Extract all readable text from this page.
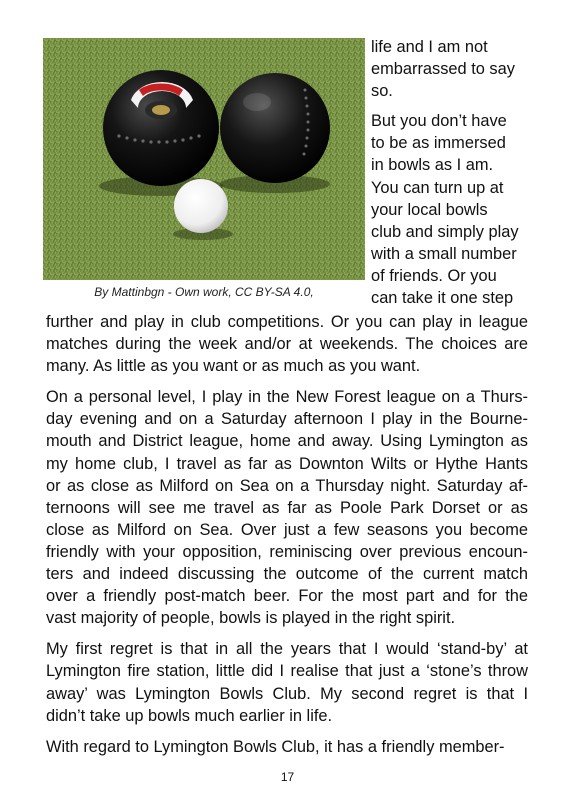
By Mattinbgn - Own work, CC BY-SA 4.0,

life and I am not
embarrassed to say
so.

But you don’t have
to be as immersed
in bowls as I am.
You can turn up at
your local bowls
club and simply play
with a small number
of friends. Or you
can take it one step

further and play in club competitions. Or you can play in league
matches during the week and/or at weekends. The choices are
many. As little as you want or as much as you want.

On a personal level, I play in the New Forest league on a Thurs-
day evening and on a Saturday afternoon I play in the Bourne-
mouth and District league, home and away. Using Lymington as
my home club, I travel as far as Downton Wilts or Hythe Hants
or as close as Milford on Sea on a Thursday night. Saturday af-
ternoons will see me travel as far as Poole Park Dorset or as
close as Milford on Sea. Over just a few seasons you become
friendly with your opposition, reminiscing over previous encoun-
ters and indeed discussing the outcome of the current match
over a friendly post-match beer. For the most part and for the
vast majority of people, bowls is played in the right spirit.

My first regret is that in all the years that I would ‘stand-by’ at
Lymington fire station, little did I realise that just a ‘stone’s throw
away’ was Lymington Bowls Club. My second regret is that I
didn’t take up bowls much earlier in life.

With regard to Lymington Bowls Club, it has a friendly member-

17
